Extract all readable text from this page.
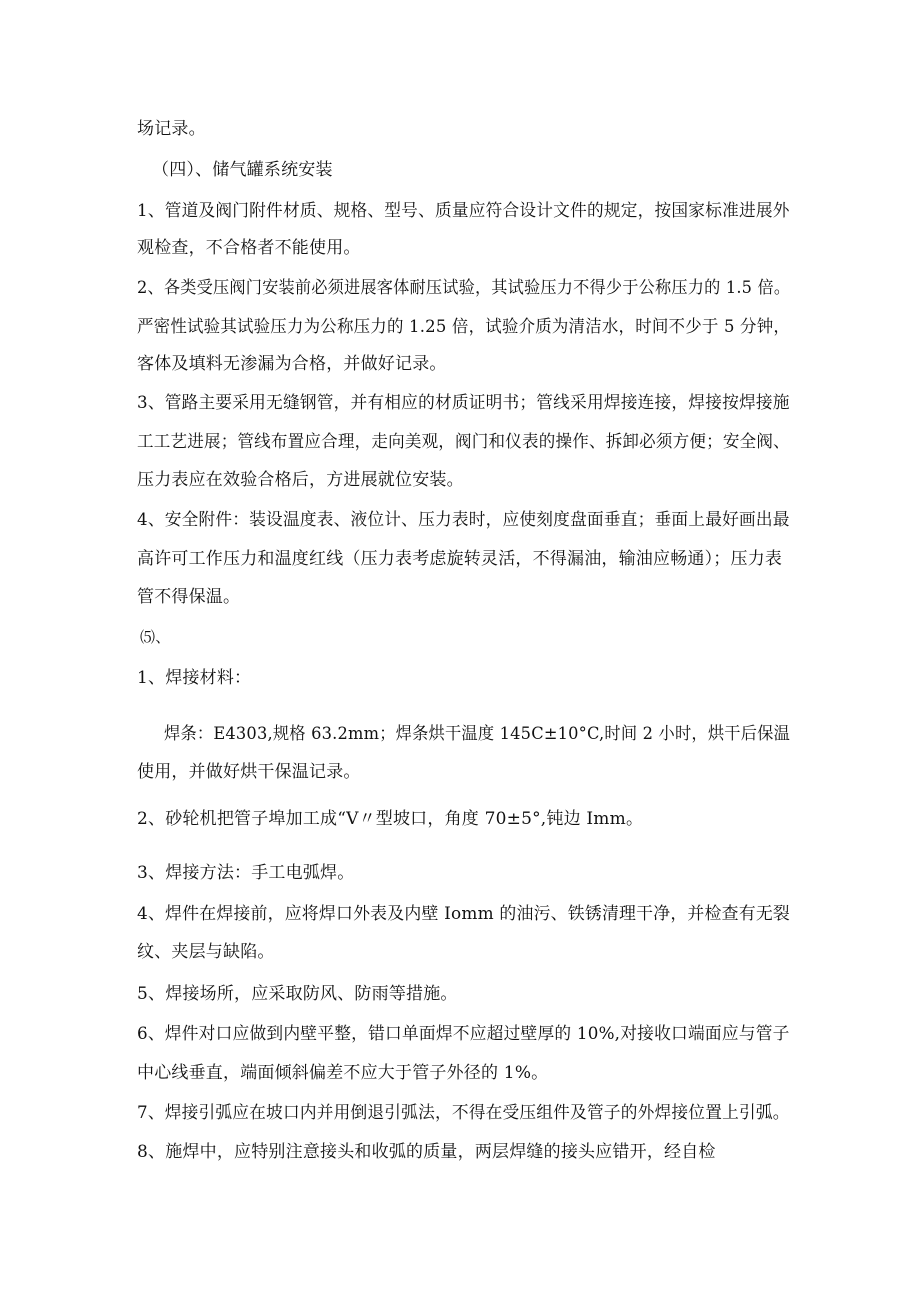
场记录。

（四）、储气罐系统安装

1、管道及阀门附件材质、规格、型号、质量应符合设计文件的规定，按国家标准进展外

观检查，不合格者不能使用。

2、各类受压阀门安装前必须进展客体耐压试验，其试验压力不得少于公称压力的 1.5 倍。

严密性试验其试验压力为公称压力的 1.25 倍，试验介质为清洁水，时间不少于 5 分钟，

客体及填料无渗漏为合格，并做好记录。

3、管路主要采用无缝钢管，并有相应的材质证明书；管线采用焊接连接，焊接按焊接施

工工艺进展；管线布置应合理，走向美观，阀门和仪表的操作、拆卸必须方便；安全阀、

压力表应在效验合格后，方进展就位安装。

4、安全附件：装设温度表、液位计、压力表时，应使刻度盘面垂直；垂面上最好画出最

高许可工作压力和温度红线（压力表考虑旋转灵活，不得漏油，输油应畅通）；压力表

管不得保温。

⑸、

1、焊接材料：

焊条：E4303,规格 63.2mm；焊条烘干温度 145C±10°C,时间 2 小时，烘干后保温

使用，并做好烘干保温记录。

2、砂轮机把管子埠加工成“V〃型坡口，角度 70±5°,钝边 Imm。

3、焊接方法：手工电弧焊。

4、焊件在焊接前，应将焊口外表及内壁 Iomm 的油污、铁锈清理干净，并检查有无裂

纹、夹层与缺陷。

5、焊接场所，应采取防风、防雨等措施。

6、焊件对口应做到内壁平整，错口单面焊不应超过壁厚的 10%,对接收口端面应与管子

中心线垂直，端面倾斜偏差不应大于管子外径的 1%。

7、焊接引弧应在坡口内并用倒退引弧法，不得在受压组件及管子的外焊接位置上引弧。

8、施焊中，应特别注意接头和收弧的质量，两层焊缝的接头应错开，经自检
